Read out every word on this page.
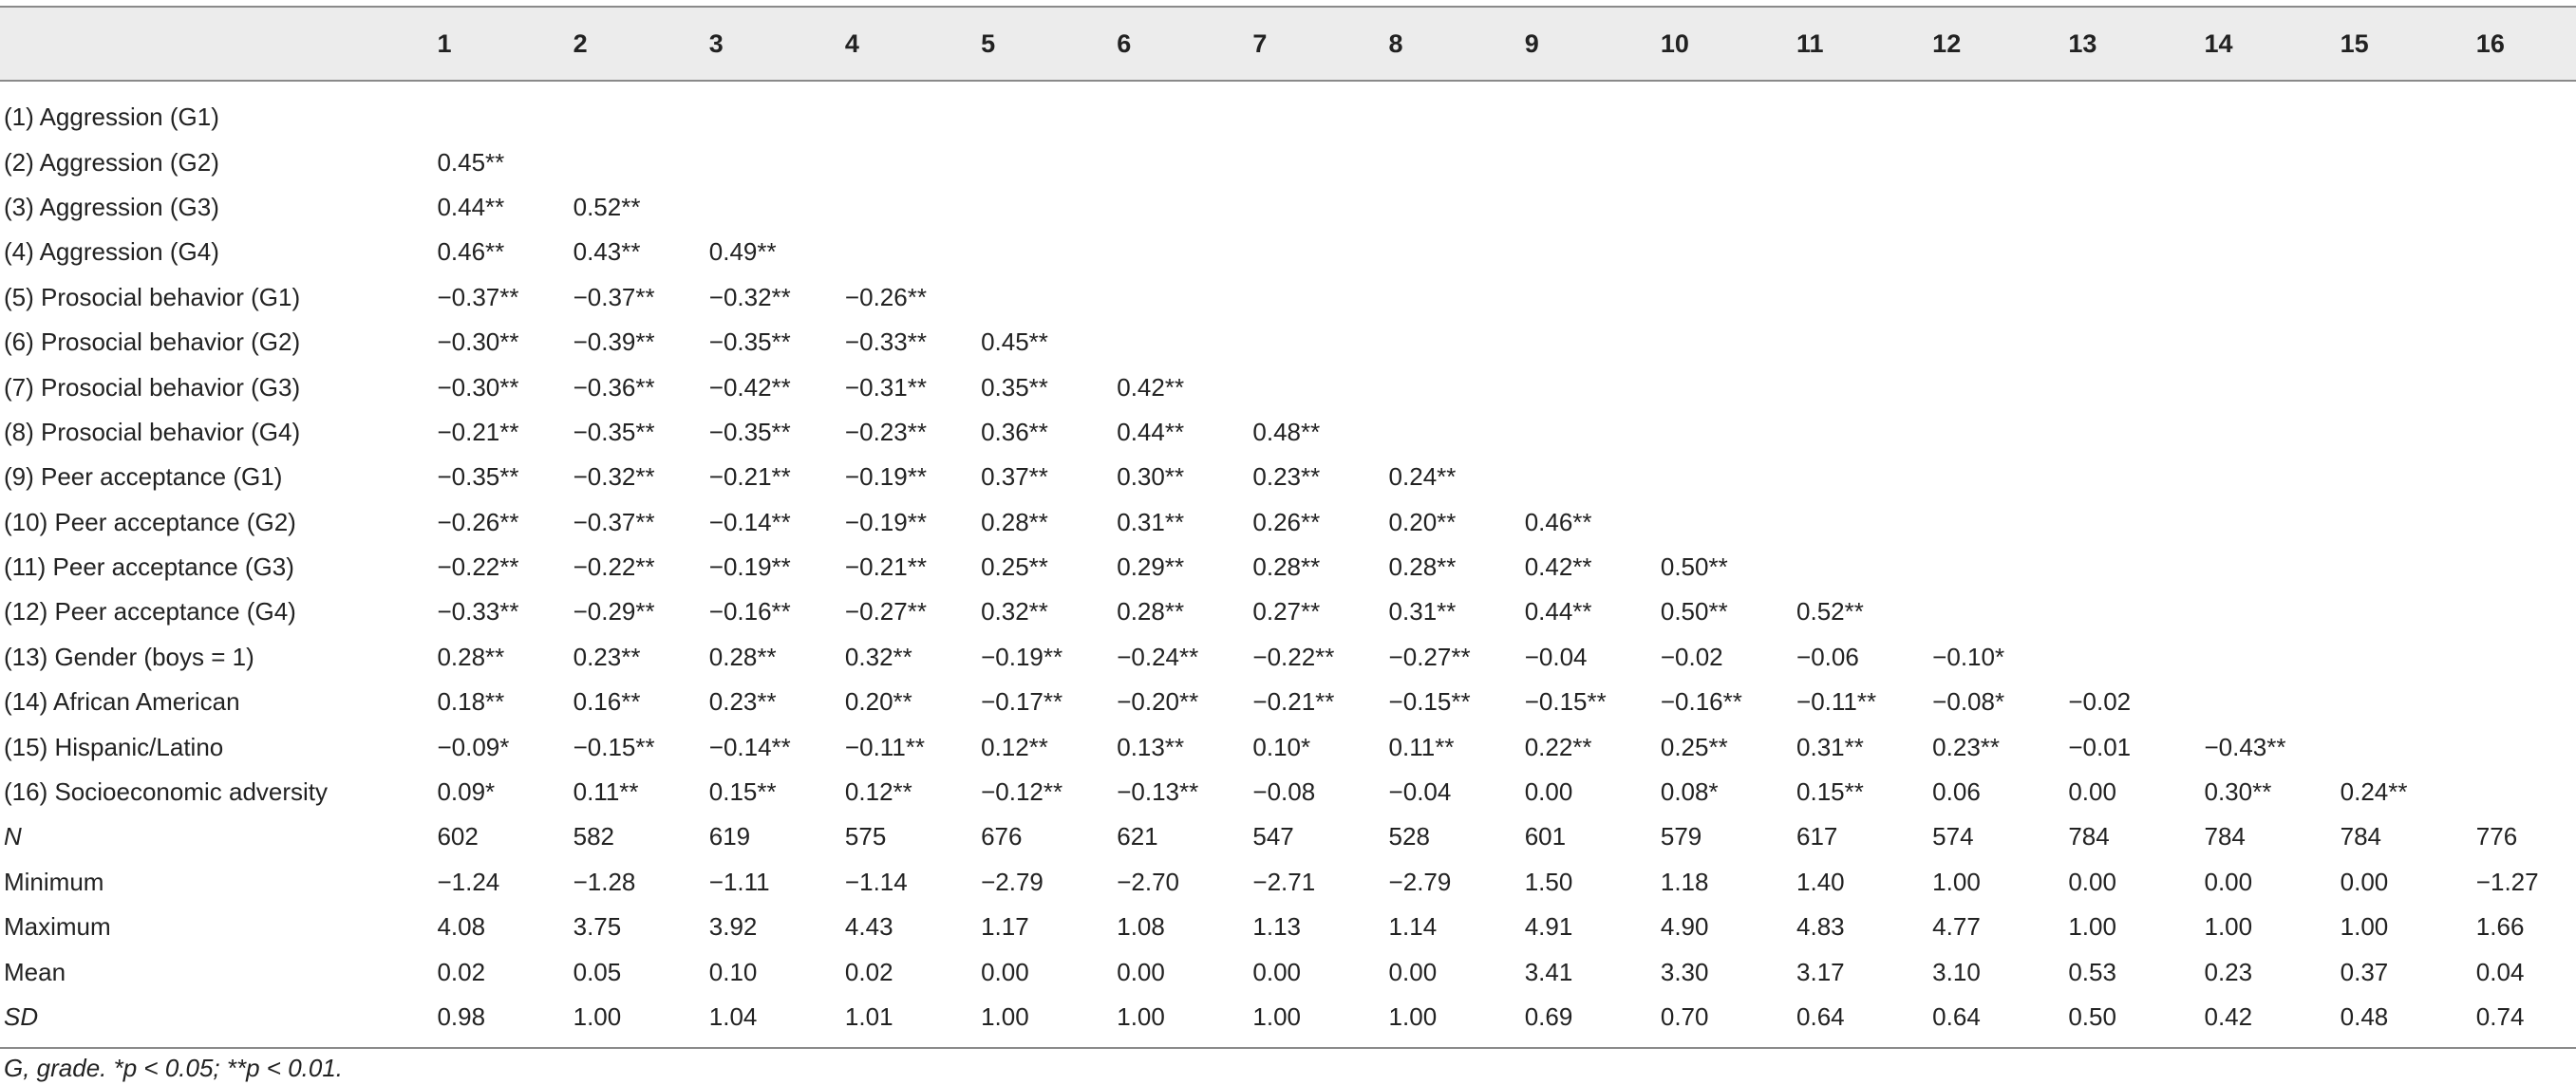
	1	2	3	4	5	6	7	8	9	10	11	12	13	14	15	16
(1) Aggression (G1)																
(2) Aggression (G2)	0.45**															
(3) Aggression (G3)	0.44**	0.52**														
(4) Aggression (G4)	0.46**	0.43**	0.49**													
(5) Prosocial behavior (G1)	−0.37**	−0.37**	−0.32**	−0.26**												
(6) Prosocial behavior (G2)	−0.30**	−0.39**	−0.35**	−0.33**	0.45**											
(7) Prosocial behavior (G3)	−0.30**	−0.36**	−0.42**	−0.31**	0.35**	0.42**										
(8) Prosocial behavior (G4)	−0.21**	−0.35**	−0.35**	−0.23**	0.36**	0.44**	0.48**									
(9) Peer acceptance (G1)	−0.35**	−0.32**	−0.21**	−0.19**	0.37**	0.30**	0.23**	0.24**								
(10) Peer acceptance (G2)	−0.26**	−0.37**	−0.14**	−0.19**	0.28**	0.31**	0.26**	0.20**	0.46**							
(11) Peer acceptance (G3)	−0.22**	−0.22**	−0.19**	−0.21**	0.25**	0.29**	0.28**	0.28**	0.42**	0.50**						
(12) Peer acceptance (G4)	−0.33**	−0.29**	−0.16**	−0.27**	0.32**	0.28**	0.27**	0.31**	0.44**	0.50**	0.52**					
(13) Gender (boys = 1)	0.28**	0.23**	0.28**	0.32**	−0.19**	−0.24**	−0.22**	−0.27**	−0.04	−0.02	−0.06	−0.10*				
(14) African American	0.18**	0.16**	0.23**	0.20**	−0.17**	−0.20**	−0.21**	−0.15**	−0.15**	−0.16**	−0.11**	−0.08*	−0.02			
(15) Hispanic/Latino	−0.09*	−0.15**	−0.14**	−0.11**	0.12**	0.13**	0.10*	0.11**	0.22**	0.25**	0.31**	0.23**	−0.01	−0.43**		
(16) Socioeconomic adversity	0.09*	0.11**	0.15**	0.12**	−0.12**	−0.13**	−0.08	−0.04	0.00	0.08*	0.15**	0.06	0.00	0.30**	0.24**	
N	602	582	619	575	676	621	547	528	601	579	617	574	784	784	784	776
Minimum	−1.24	−1.28	−1.11	−1.14	−2.79	−2.70	−2.71	−2.79	1.50	1.18	1.40	1.00	0.00	0.00	0.00	−1.27
Maximum	4.08	3.75	3.92	4.43	1.17	1.08	1.13	1.14	4.91	4.90	4.83	4.77	1.00	1.00	1.00	1.66
Mean	0.02	0.05	0.10	0.02	0.00	0.00	0.00	0.00	3.41	3.30	3.17	3.10	0.53	0.23	0.37	0.04
SD	0.98	1.00	1.04	1.01	1.00	1.00	1.00	1.00	0.69	0.70	0.64	0.64	0.50	0.42	0.48	0.74
G, grade. *p < 0.05; **p < 0.01.
